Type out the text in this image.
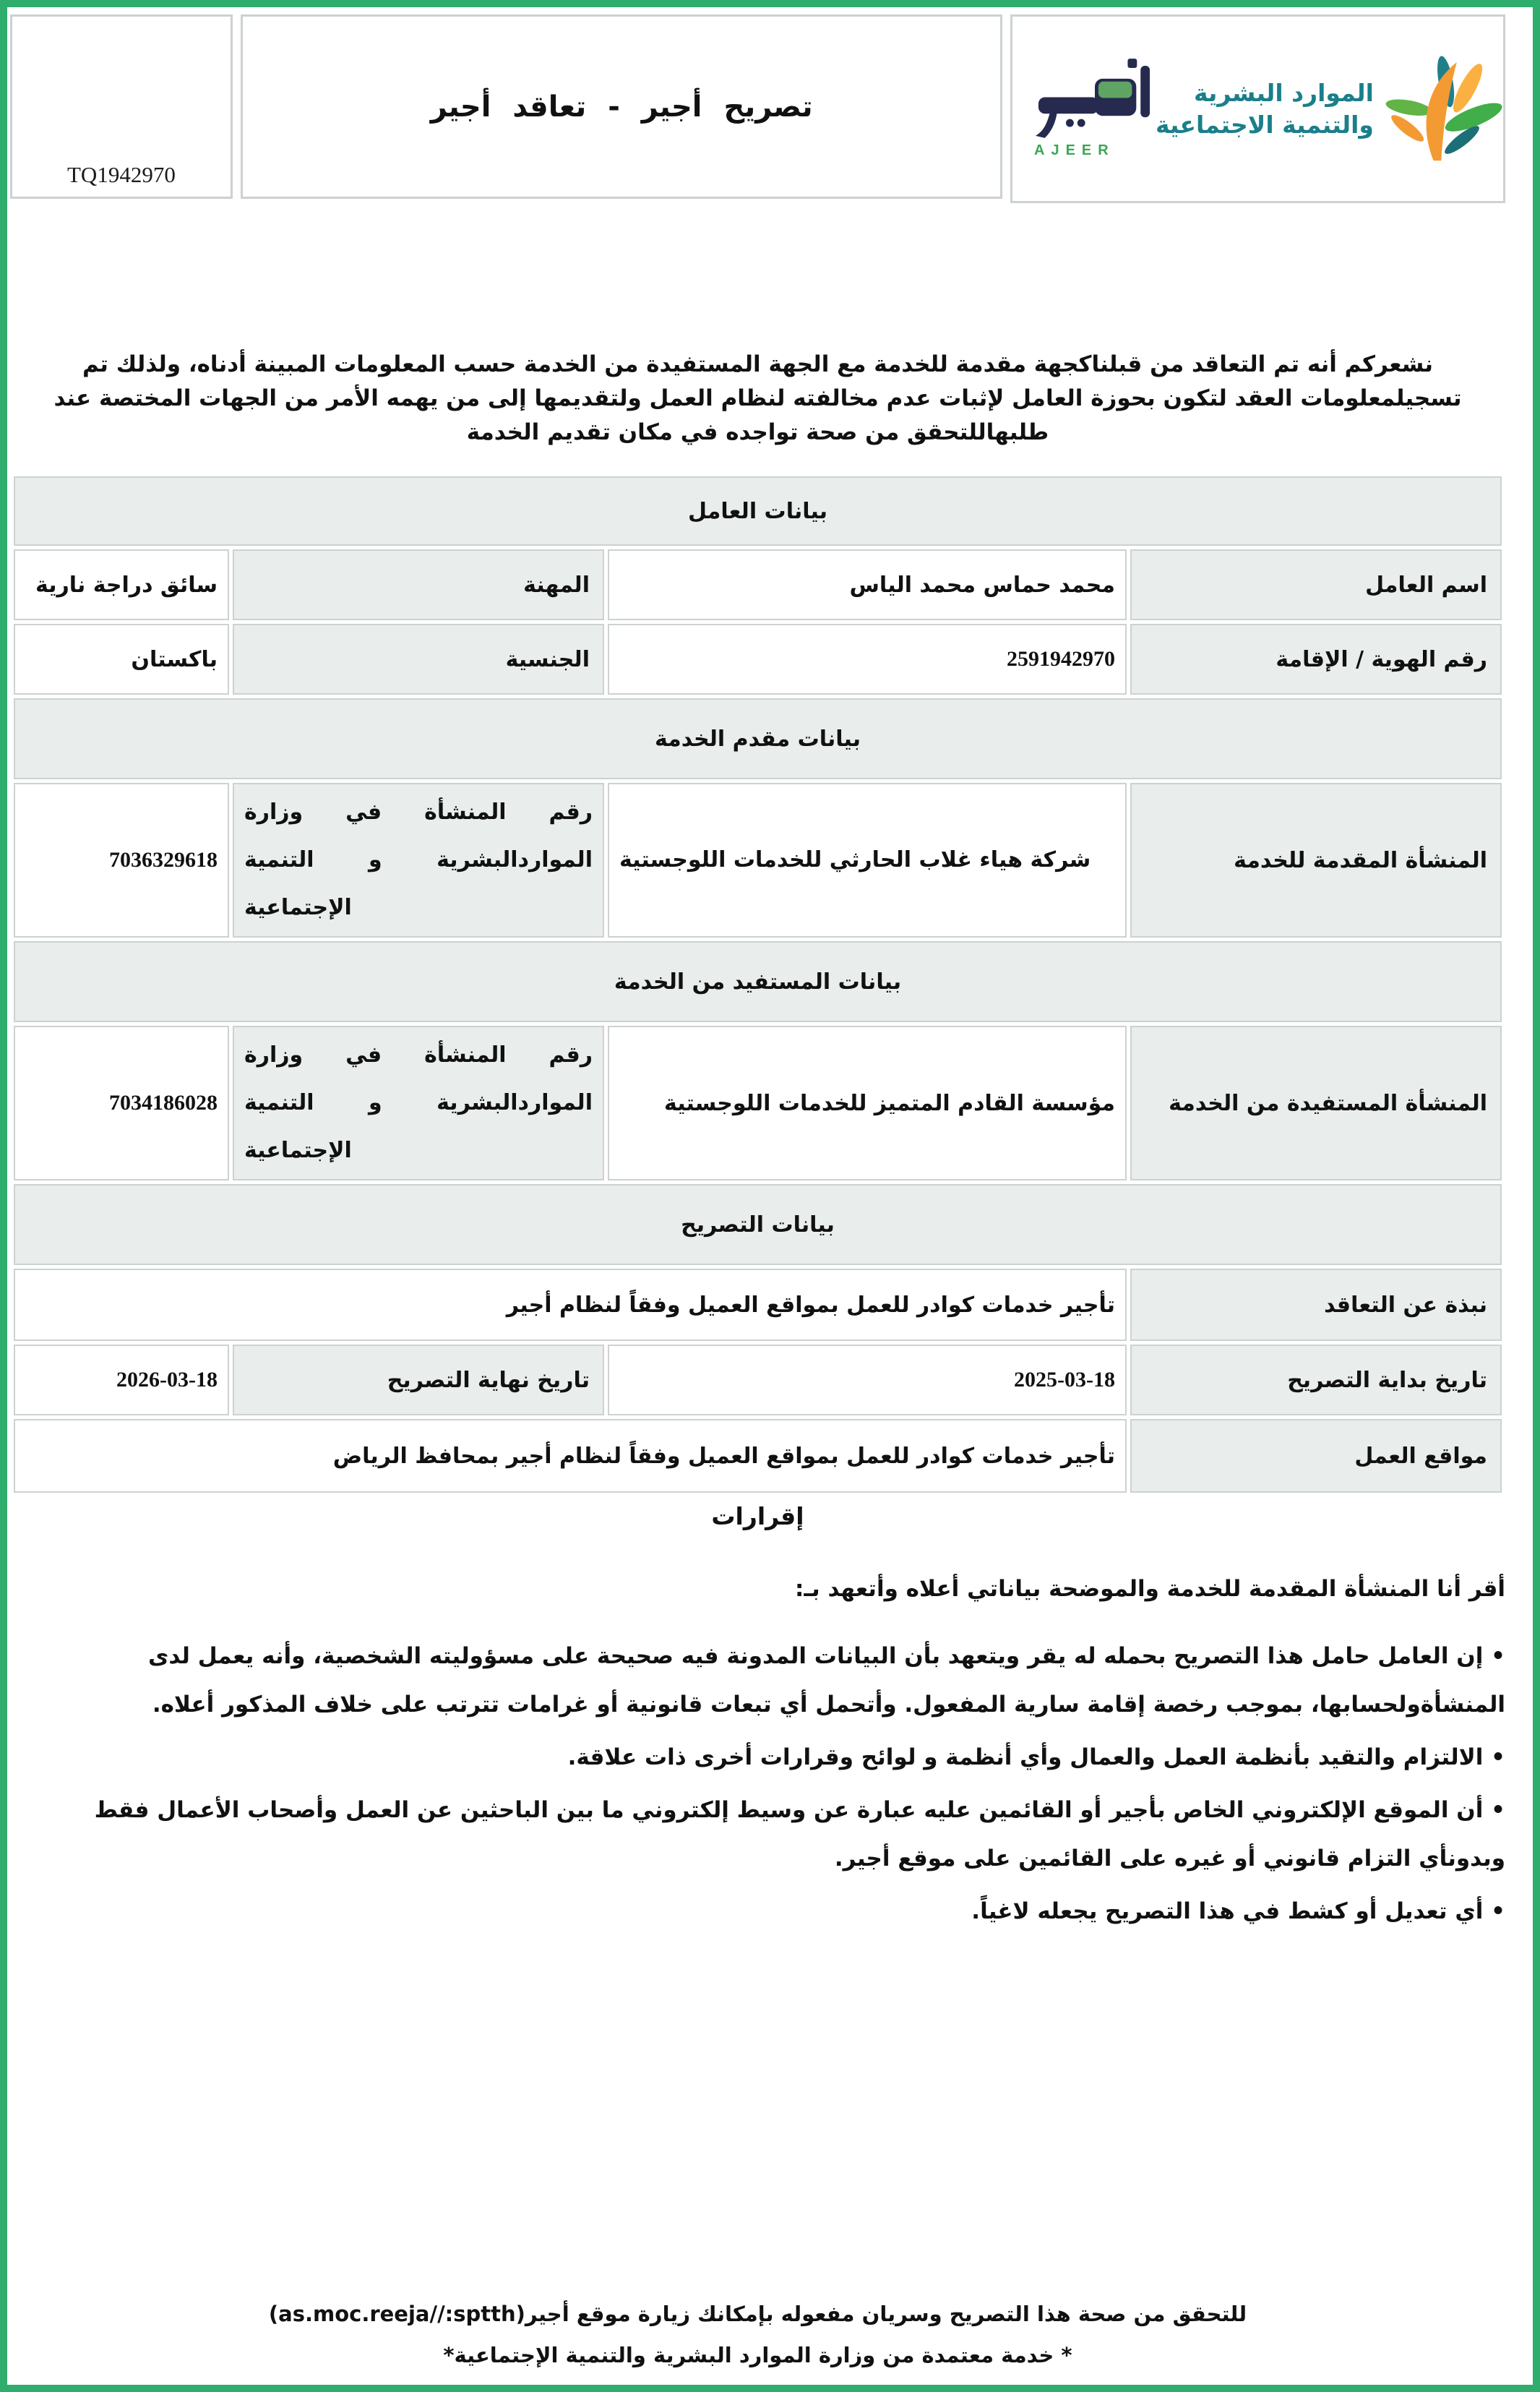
TQ1942970
تصريح أجير - تعاقد أجير
AJEER
الموارد البشرية
والتنمية الاجتماعية
نشعركم أنه تم التعاقد من قبلناكجهة مقدمة للخدمة مع الجهة المستفيدة من الخدمة حسب المعلومات المبينة أدناه، ولذلك تم تسجيلمعلومات العقد لتكون بحوزة العامل لإثبات عدم مخالفته لنظام العمل ولتقديمها إلى من يهمه الأمر من الجهات المختصة عند طلبهاللتحقق من صحة تواجده في مكان تقديم الخدمة
بيانات العامل			
اسم العامل	محمد حماس محمد الياس	المهنة	سائق دراجة نارية
رقم الهوية / الإقامة	2591942970	الجنسية	باكستان
بيانات مقدم الخدمة			
المنشأة المقدمة للخدمة	شركة هياء غلاب الحارثي للخدمات اللوجستية	رقم المنشأة في وزارة المواردالبشرية و التنمية الإجتماعية	7036329618
بيانات المستفيد من الخدمة			
المنشأة المستفيدة من الخدمة	مؤسسة القادم المتميز للخدمات اللوجستية	رقم المنشأة في وزارة المواردالبشرية و التنمية الإجتماعية	7034186028
بيانات التصريح			
نبذة عن التعاقد	تأجير خدمات كوادر للعمل بمواقع العميل وفقاً لنظام أجير		
تاريخ بداية التصريح	2025-03-18	تاريخ نهاية التصريح	2026-03-18
مواقع العمل	تأجير خدمات كوادر للعمل بمواقع العميل وفقاً لنظام أجير بمحافظ الرياض		
إقرارات
أقر أنا المنشأة المقدمة للخدمة والموضحة بياناتي أعلاه وأتعهد بـ:
• إن العامل حامل هذا التصريح بحمله له يقر ويتعهد بأن البيانات المدونة فيه صحيحة على مسؤوليته الشخصية، وأنه يعمل لدى المنشأةولحسابها، بموجب رخصة إقامة سارية المفعول. وأتحمل أي تبعات قانونية أو غرامات تترتب على خلاف المذكور أعلاه.
• الالتزام والتقيد بأنظمة العمل والعمال وأي أنظمة و لوائح وقرارات أخرى ذات علاقة.
• أن الموقع الإلكتروني الخاص بأجير أو القائمين عليه عبارة عن وسيط إلكتروني ما بين الباحثين عن العمل وأصحاب الأعمال فقط وبدونأي التزام قانوني أو غيره على القائمين على موقع أجير.
• أي تعديل أو كشط في هذا التصريح يجعله لاغياً.
للتحقق من صحة هذا التصريح وسريان مفعوله بإمكانك زيارة موقع أجير(as.moc.reeja//:sptth)
* خدمة معتمدة من وزارة الموارد البشرية والتنمية الإجتماعية*
